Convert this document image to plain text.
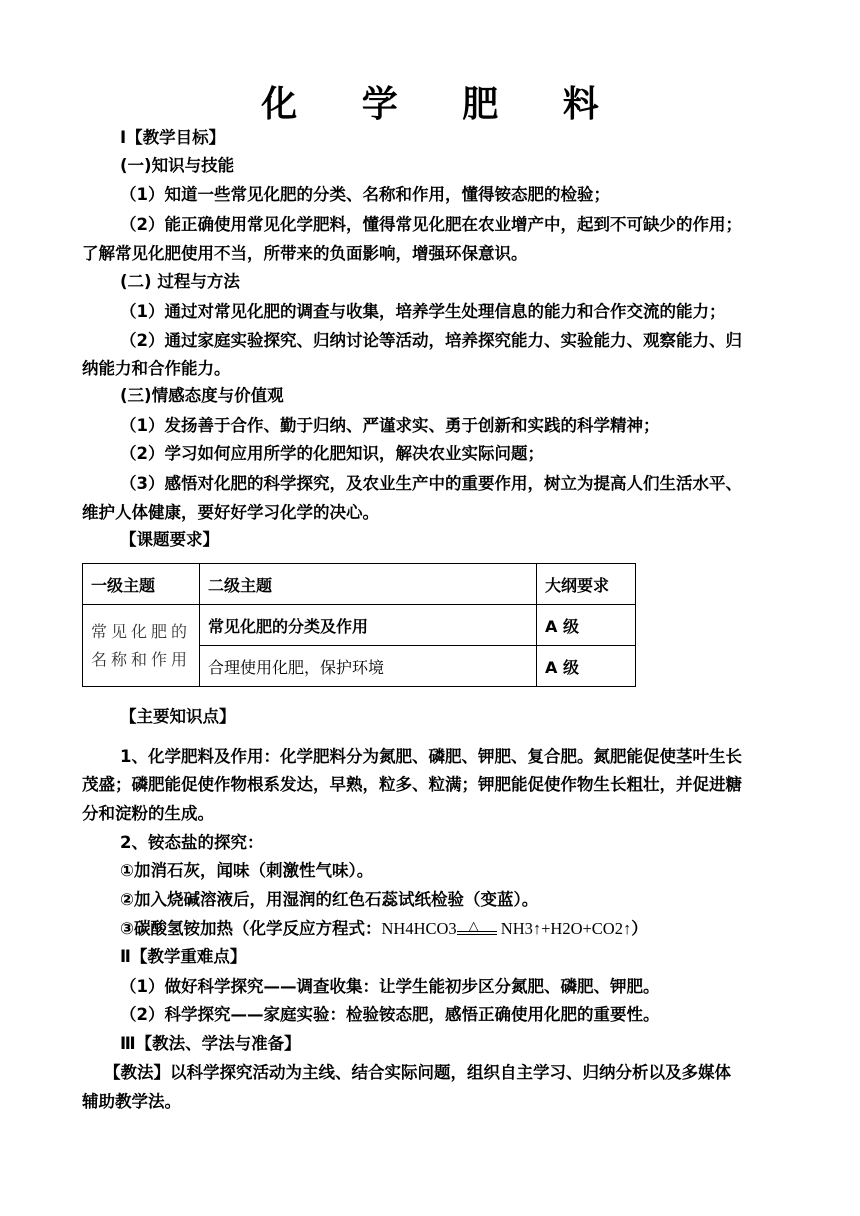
化 学 肥 料
Ⅰ【教学目标】
(一)知识与技能
（1）知道一些常见化肥的分类、名称和作用，懂得铵态肥的检验；
（2）能正确使用常见化学肥料，懂得常见化肥在农业增产中，起到不可缺少的作用；
了解常见化肥使用不当，所带来的负面影响，增强环保意识。
(二) 过程与方法
（1）通过对常见化肥的调查与收集，培养学生处理信息的能力和合作交流的能力；
（2）通过家庭实验探究、归纳讨论等活动，培养探究能力、实验能力、观察能力、归
纳能力和合作能力。
(三)情感态度与价值观
（1）发扬善于合作、勤于归纳、严谨求实、勇于创新和实践的科学精神；
（2）学习如何应用所学的化肥知识，解决农业实际问题；
（3）感悟对化肥的科学探究，及农业生产中的重要作用，树立为提高人们生活水平、
维护人体健康，要好好学习化学的决心。
【课题要求】
一级主题	二级主题	大纲要求
常见化肥的名称和作用	常见化肥的分类及作用	A 级
	合理使用化肥，保护环境	A 级
【主要知识点】
1、化学肥料及作用：化学肥料分为氮肥、磷肥、钾肥、复合肥。氮肥能促使茎叶生长
茂盛；磷肥能促使作物根系发达，早熟，粒多、粒满；钾肥能促使作物生长粗壮，并促进糖
分和淀粉的生成。
2、铵态盐的探究：
①加消石灰，闻味（刺激性气味）。
②加入烧碱溶液后，用湿润的红色石蕊试纸检验（变蓝）。
③碳酸氢铵加热（化学反应方程式：NH4HCO3 △ NH3↑+H2O+CO2↑）
Ⅱ【教学重难点】
（1）做好科学探究——调查收集：让学生能初步区分氮肥、磷肥、钾肥。
（2）科学探究——家庭实验：检验铵态肥，感悟正确使用化肥的重要性。
Ⅲ【教法、学法与准备】
【教法】以科学探究活动为主线、结合实际问题，组织自主学习、归纳分析以及多媒体
辅助教学法。
